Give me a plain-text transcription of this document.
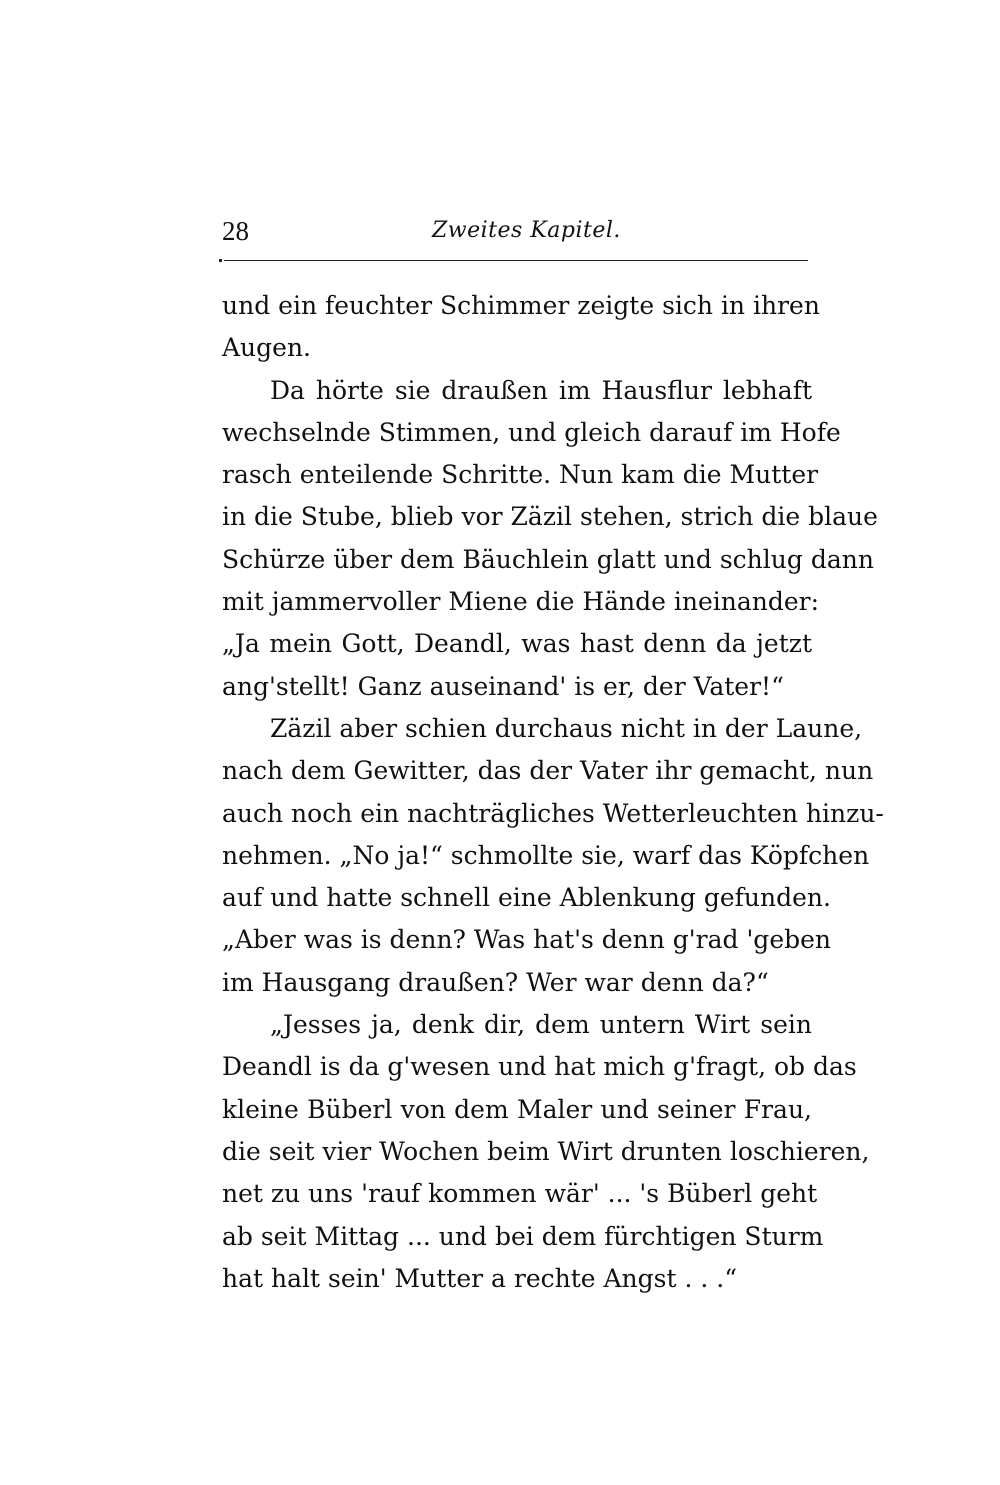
28	Zweites Kapitel.
und ein feuchter Schimmer zeigte sich in ihren
Augen.
Da hörte sie draußen im Hausflur lebhaft
wechselnde Stimmen, und gleich darauf im Hofe
rasch enteilende Schritte. Nun kam die Mutter
in die Stube, blieb vor Zäzil stehen, strich die blaue
Schürze über dem Bäuchlein glatt und schlug dann
mit jammervoller Miene die Hände ineinander:
„Ja mein Gott, Deandl, was hast denn da jetzt
ang'stellt! Ganz auseinand' is er, der Vater!“
Zäzil aber schien durchaus nicht in der Laune,
nach dem Gewitter, das der Vater ihr gemacht, nun
auch noch ein nachträgliches Wetterleuchten hinzu-
nehmen. „No ja!“ schmollte sie, warf das Köpfchen
auf und hatte schnell eine Ablenkung gefunden.
„Aber was is denn? Was hat's denn g'rad 'geben
im Hausgang draußen? Wer war denn da?“
„Jesses ja, denk dir, dem untern Wirt sein
Deandl is da g'wesen und hat mich g'fragt, ob das
kleine Büberl von dem Maler und seiner Frau,
die seit vier Wochen beim Wirt drunten loschieren,
net zu uns 'rauf kommen wär' ... 's Büberl geht
ab seit Mittag ... und bei dem fürchtigen Sturm
hat halt sein' Mutter a rechte Angst . . .“
